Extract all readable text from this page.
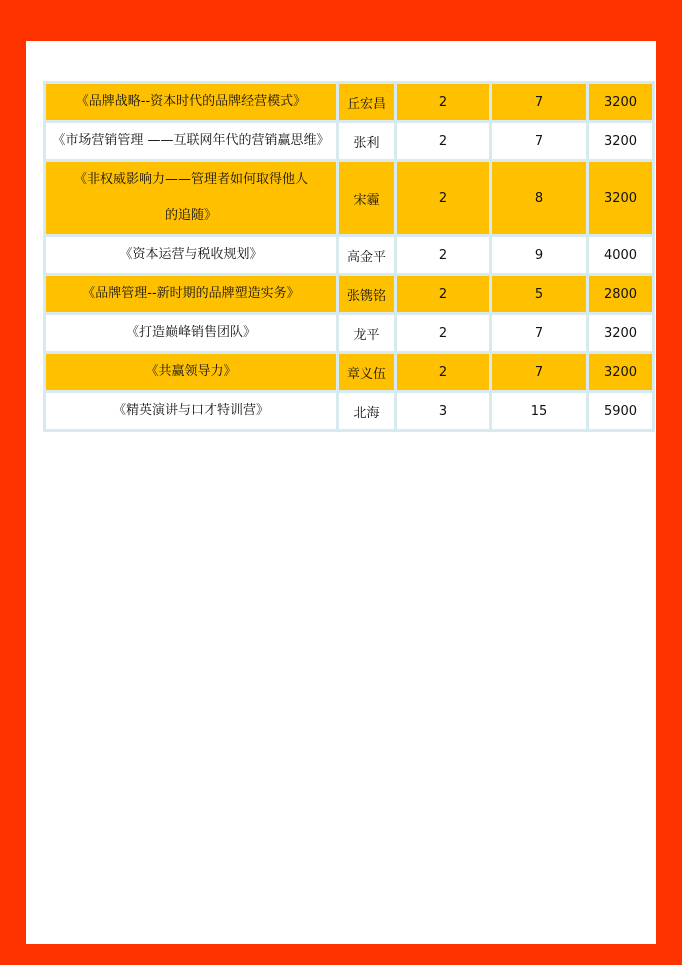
《品牌战略--资本时代的品牌经营模式》	丘宏昌	2	7	3200
《市场营销管理 ——互联网年代的营销赢思维》	张利	2	7	3200
《非权威影响力——管理者如何取得他人的追随》	宋霾	2	8	3200
《资本运营与税收规划》	高金平	2	9	4000
《品牌管理--新时期的品牌塑造实务》	张镌铭	2	5	2800
《打造巅峰销售团队》	龙平	2	7	3200
《共赢领导力》	章义伍	2	7	3200
《精英演讲与口才特训营》	北海	3	15	5900
